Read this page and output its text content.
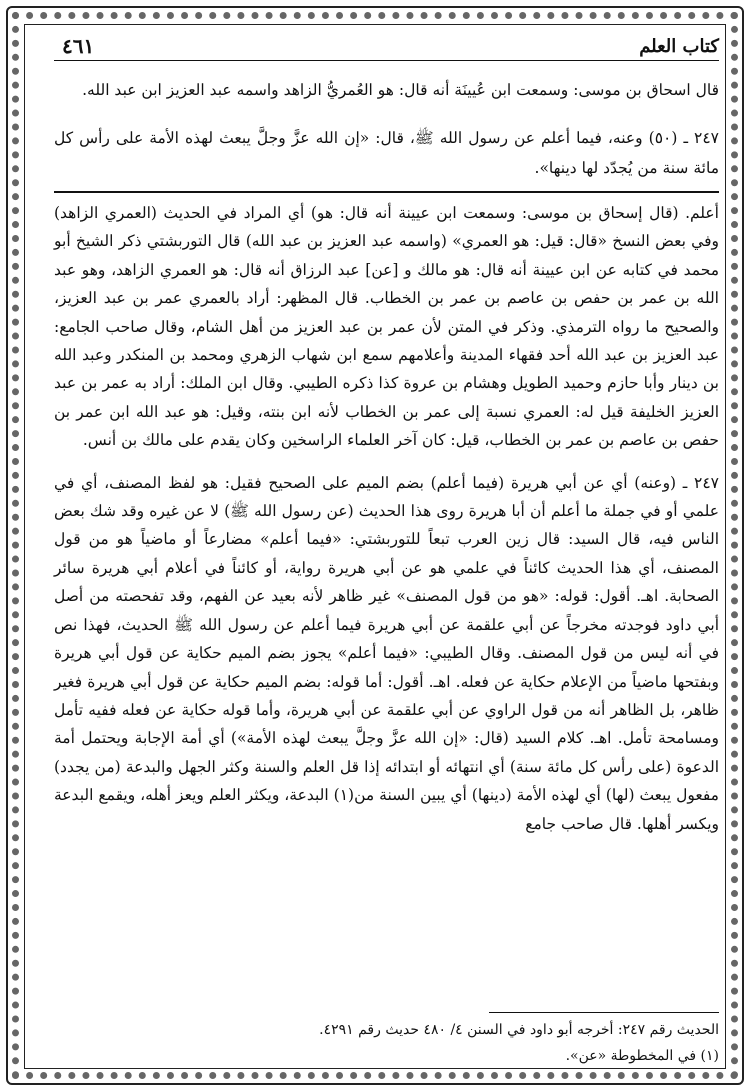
كتاب العلم
٤٦١

قال اسحاق بن موسى: وسمعت ابن عُيينَة أنه قال: هو العُمريُّ الزاهد واسمه عبد العزيز ابن عبد الله.

٢٤٧ ـ (٥٠) وعنه، فيما أعلم عن رسول الله ﷺ، قال: «إن الله عزَّ وجلَّ يبعث لهذه الأمة على رأس كل مائة سنة من يُجدّد لها دينها».

أعلم. (قال إسحاق بن موسى: وسمعت ابن عيينة أنه قال: هو) أي المراد في الحديث (العمري الزاهد) وفي بعض النسخ «قال: قيل: هو العمري» (واسمه عبد العزيز بن عبد الله) قال التوربشتي ذكر الشيخ أبو محمد في كتابه عن ابن عيينة أنه قال: هو مالك و [عن] عبد الرزاق أنه قال: هو العمري الزاهد، وهو عبد الله بن عمر بن حفص بن عاصم بن عمر بن الخطاب. قال المظهر: أراد بالعمري عمر بن عبد العزيز، والصحيح ما رواه الترمذي. وذكر في المتن لأن عمر بن عبد العزيز من أهل الشام، وقال صاحب الجامع: عبد العزيز بن عبد الله أحد فقهاء المدينة وأعلامهم سمع ابن شهاب الزهري ومحمد بن المنكدر وعبد الله بن دينار وأبا حازم وحميد الطويل وهشام بن عروة كذا ذكره الطيبي. وقال ابن الملك: أراد به عمر بن عبد العزيز الخليفة قيل له: العمري نسبة إلى عمر بن الخطاب لأنه ابن بنته، وقيل: هو عبد الله ابن عمر بن حفص بن عاصم بن عمر بن الخطاب، قيل: كان آخر العلماء الراسخين وكان يقدم على مالك بن أنس.

٢٤٧ ـ (وعنه) أي عن أبي هريرة (فيما أعلم) بضم الميم على الصحيح فقيل: هو لفظ المصنف، أي في علمي أو في جملة ما أعلم أن أبا هريرة روى هذا الحديث (عن رسول الله ﷺ) لا عن غيره وقد شك بعض الناس فيه، قال السيد: قال زين العرب تبعاً للتوربشتي: «فيما أعلم» مضارعاً أو ماضياً هو من قول المصنف، أي هذا الحديث كائناً في علمي هو عن أبي هريرة رواية، أو كائناً في أعلام أبي هريرة سائر الصحابة. اهـ. أقول: قوله: «هو من قول المصنف» غير ظاهر لأنه بعيد عن الفهم، وقد تفحصته من أصل أبي داود فوجدته مخرجاً عن أبي علقمة عن أبي هريرة فيما أعلم عن رسول الله ﷺ الحديث، فهذا نص في أنه ليس من قول المصنف. وقال الطيبي: «فيما أعلم» يجوز بضم الميم حكاية عن قول أبي هريرة وبفتحها ماضياً من الإعلام حكاية عن فعله. اهـ. أقول: أما قوله: بضم الميم حكاية عن قول أبي هريرة فغير ظاهر، بل الظاهر أنه من قول الراوي عن أبي علقمة عن أبي هريرة، وأما قوله حكاية عن فعله ففيه تأمل ومسامحة تأمل. اهـ. كلام السيد (قال: «إن الله عزَّ وجلَّ يبعث لهذه الأمة») أي أمة الإجابة ويحتمل أمة الدعوة (على رأس كل مائة سنة) أي انتهائه أو ابتدائه إذا قل العلم والسنة وكثر الجهل والبدعة (من يجدد) مفعول يبعث (لها) أي لهذه الأمة (دينها) أي يبين السنة من(١) البدعة، ويكثر العلم ويعز أهله، ويقمع البدعة ويكسر أهلها. قال صاحب جامع

الحديث رقم ٢٤٧: أخرجه أبو داود في السنن ٤/ ٤٨٠ حديث رقم ٤٢٩١.

(١) في المخطوطة «عن».
